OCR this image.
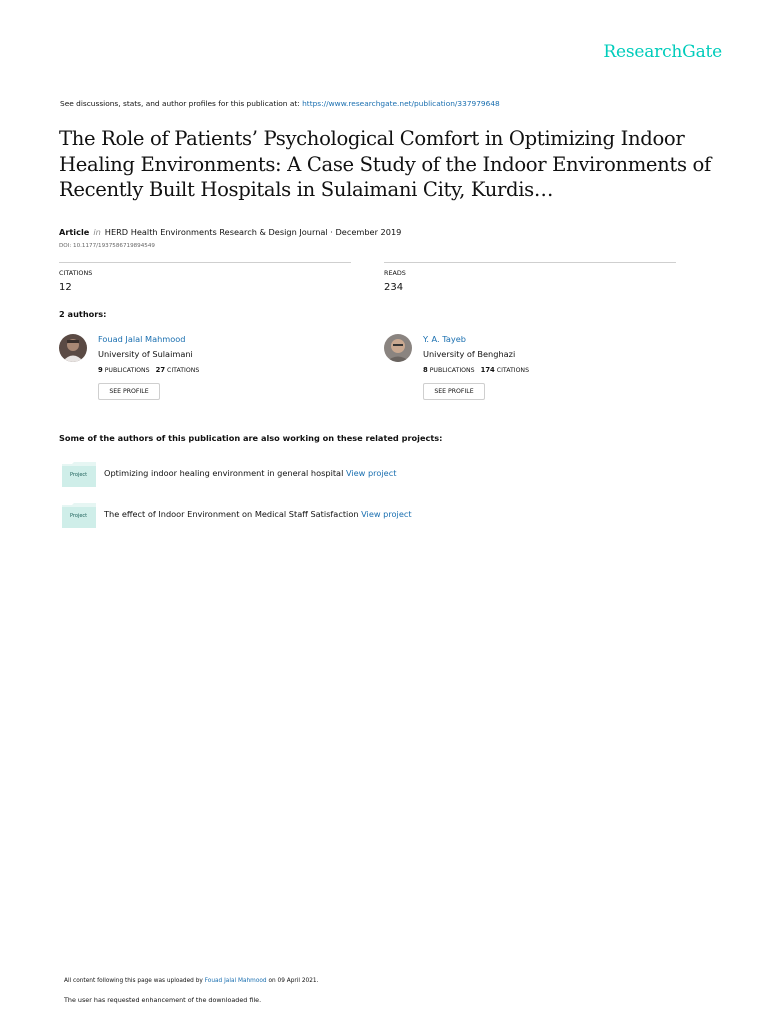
ResearchGate
See discussions, stats, and author profiles for this publication at: https://www.researchgate.net/publication/337979648
The Role of Patients’ Psychological Comfort in Optimizing Indoor Healing Environments: A Case Study of the Indoor Environments of Recently Built Hospitals in Sulaimani City, Kurdis…
Article in HERD Health Environments Research & Design Journal · December 2019
DOI: 10.1177/1937586719894549
CITATIONS
12
READS
234
2 authors:
Fouad Jalal Mahmood
University of Sulaimani
9 PUBLICATIONS 27 CITATIONS
SEE PROFILE
Y. A. Tayeb
University of Benghazi
8 PUBLICATIONS 174 CITATIONS
SEE PROFILE
Some of the authors of this publication are also working on these related projects:
Project Optimizing indoor healing environment in general hospital View project
Project The effect of Indoor Environment on Medical Staff Satisfaction View project
All content following this page was uploaded by Fouad Jalal Mahmood on 09 April 2021.
The user has requested enhancement of the downloaded file.
